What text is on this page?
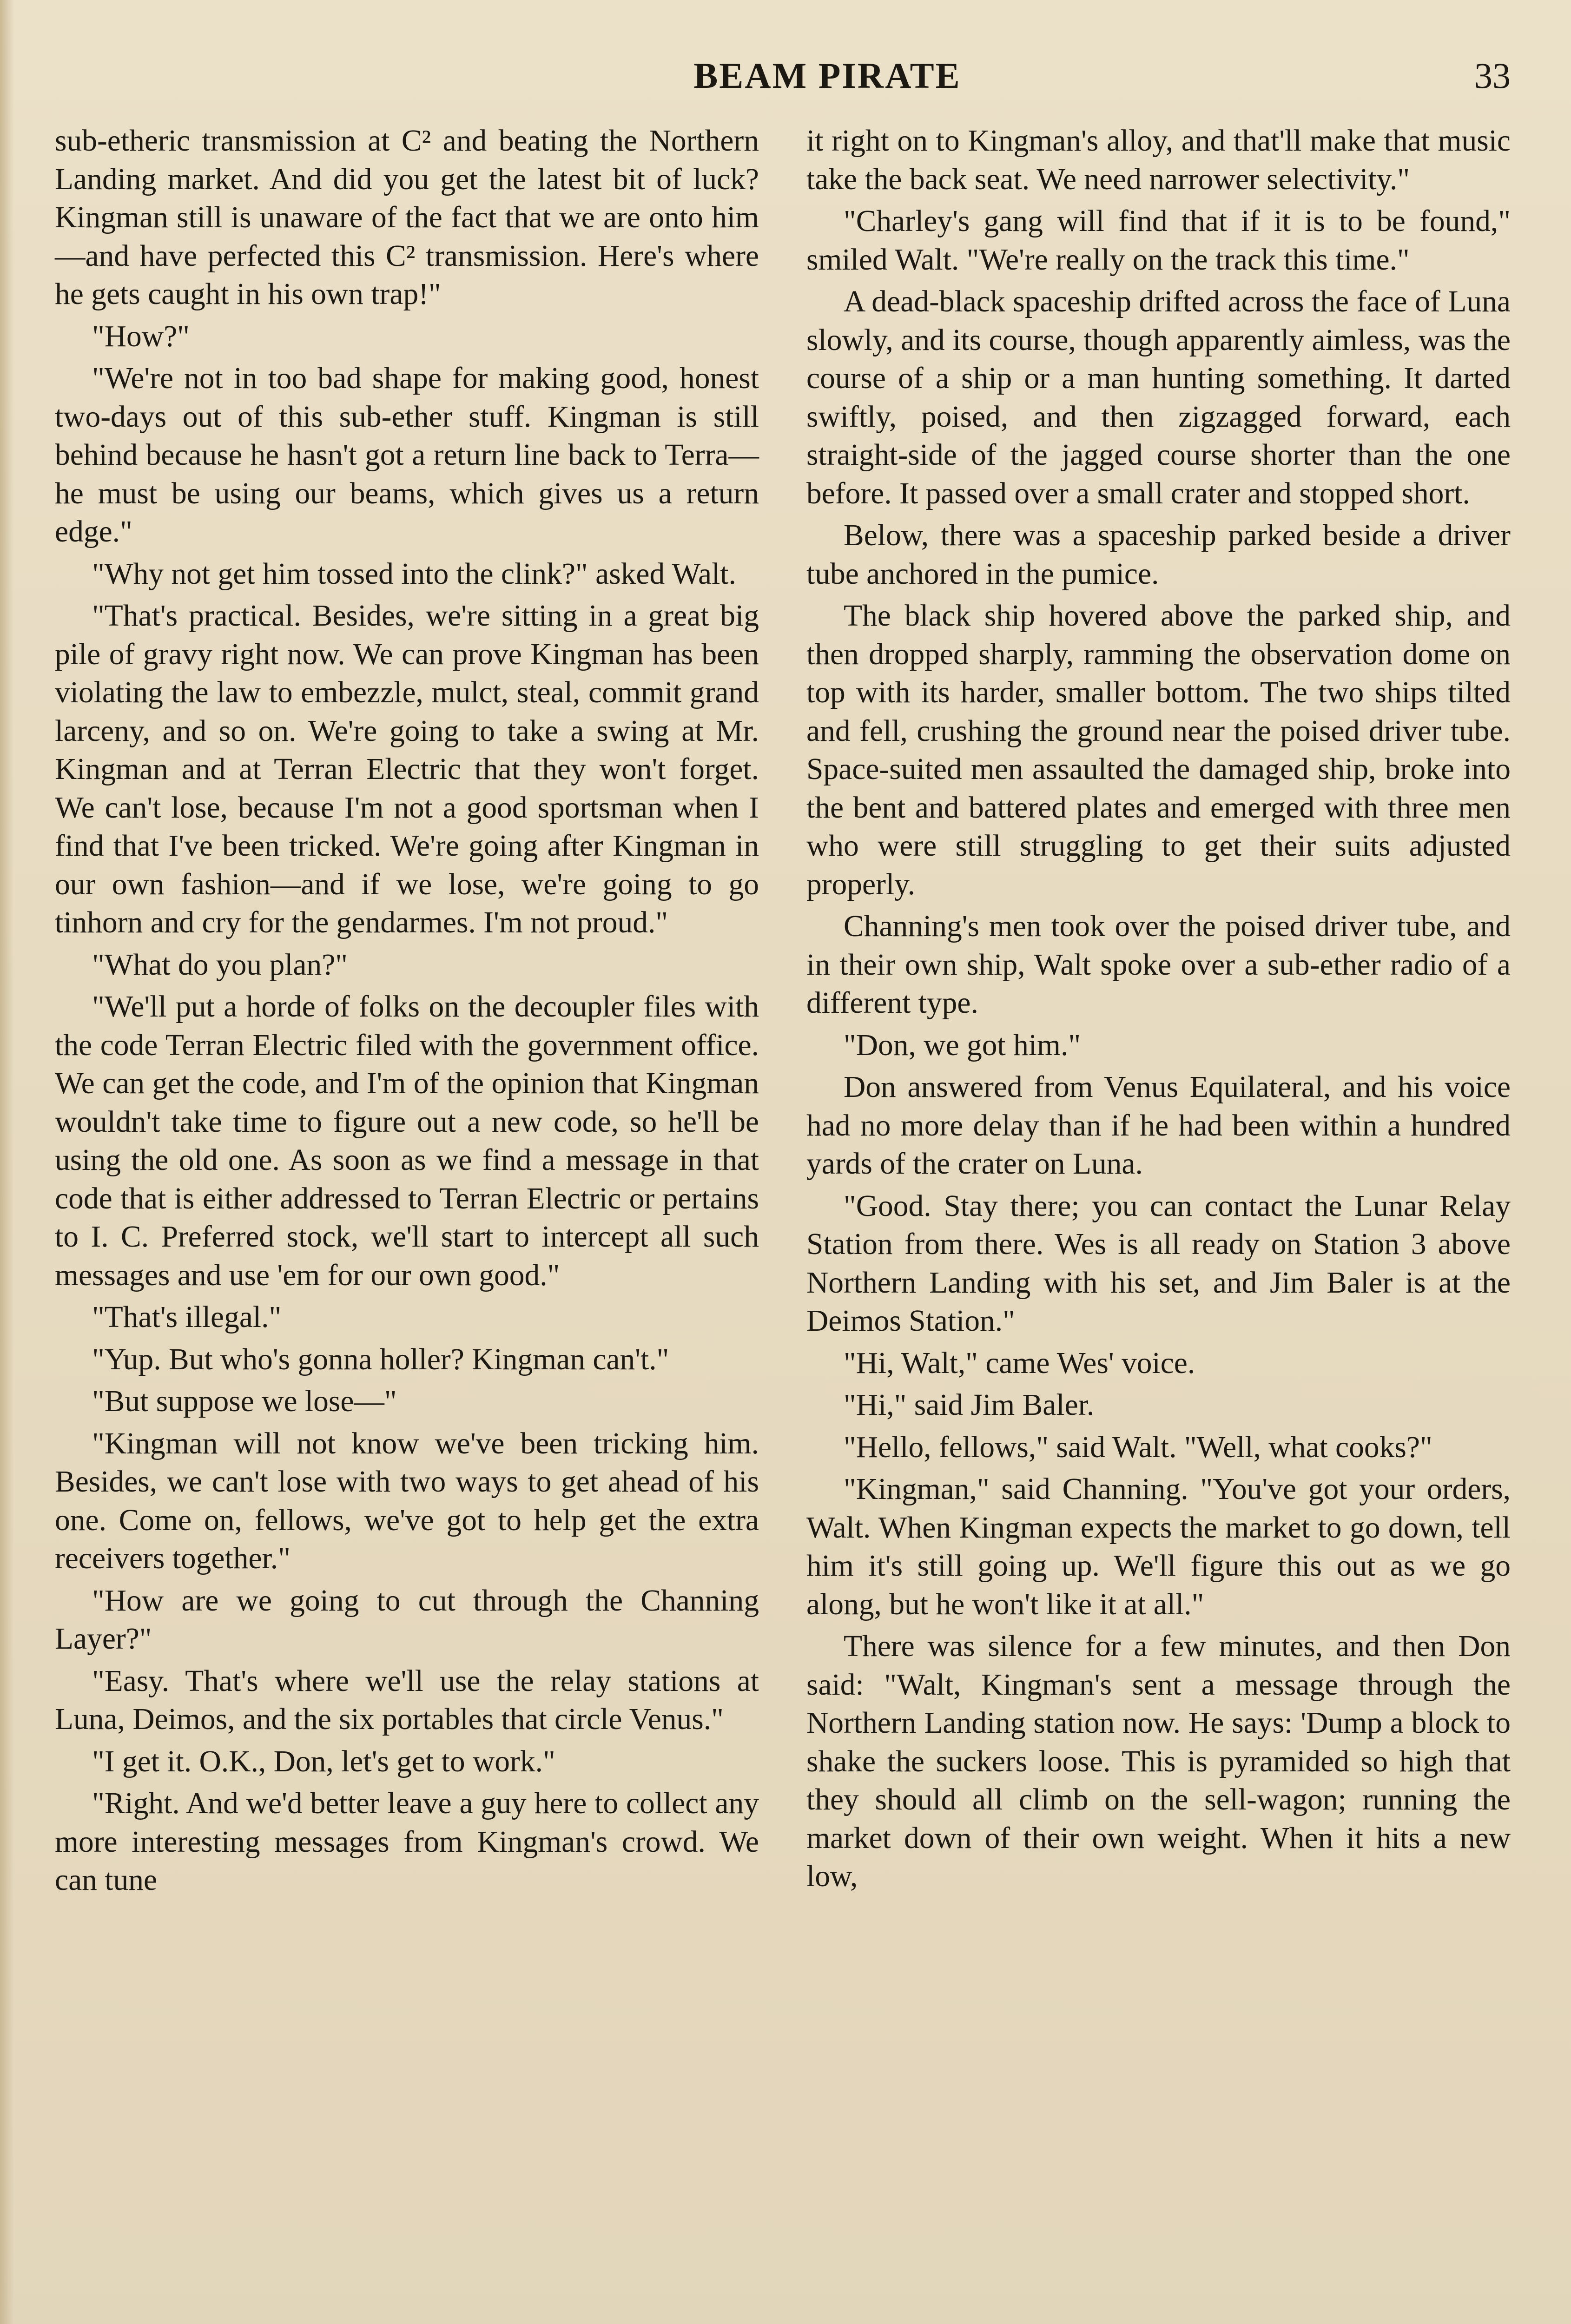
BEAM PIRATE	33

sub-etheric transmission at C² and beating the Northern Landing market. And did you get the latest bit of luck? Kingman still is unaware of the fact that we are onto him—and have perfected this C² transmission. Here's where he gets caught in his own trap!"

"How?"

"We're not in too bad shape for making good, honest two-days out of this sub-ether stuff. Kingman is still behind because he hasn't got a return line back to Terra—he must be using our beams, which gives us a return edge."

"Why not get him tossed into the clink?" asked Walt.

"That's practical. Besides, we're sitting in a great big pile of gravy right now. We can prove Kingman has been violating the law to embezzle, mulct, steal, commit grand larceny, and so on. We're going to take a swing at Mr. Kingman and at Terran Electric that they won't forget. We can't lose, because I'm not a good sportsman when I find that I've been tricked. We're going after Kingman in our own fashion—and if we lose, we're going to go tinhorn and cry for the gendarmes. I'm not proud."

"What do you plan?"

"We'll put a horde of folks on the decoupler files with the code Terran Electric filed with the government office. We can get the code, and I'm of the opinion that Kingman wouldn't take time to figure out a new code, so he'll be using the old one. As soon as we find a message in that code that is either addressed to Terran Electric or pertains to I. C. Preferred stock, we'll start to intercept all such messages and use 'em for our own good."

"That's illegal."

"Yup. But who's gonna holler? Kingman can't."

"But suppose we lose—"

"Kingman will not know we've been tricking him. Besides, we can't lose with two ways to get ahead of his one. Come on, fellows, we've got to help get the extra receivers together."

"How are we going to cut through the Channing Layer?"

"Easy. That's where we'll use the relay stations at Luna, Deimos, and the six portables that circle Venus."

"I get it. O.K., Don, let's get to work."

"Right. And we'd better leave a guy here to collect any more interesting messages from Kingman's crowd. We can tune

it right on to Kingman's alloy, and that'll make that music take the back seat. We need narrower selectivity."

"Charley's gang will find that if it is to be found," smiled Walt. "We're really on the track this time."

A dead-black spaceship drifted across the face of Luna slowly, and its course, though apparently aimless, was the course of a ship or a man hunting something. It darted swiftly, poised, and then zigzagged forward, each straight-side of the jagged course shorter than the one before. It passed over a small crater and stopped short.

Below, there was a spaceship parked beside a driver tube anchored in the pumice.

The black ship hovered above the parked ship, and then dropped sharply, ramming the observation dome on top with its harder, smaller bottom. The two ships tilted and fell, crushing the ground near the poised driver tube. Space-suited men assaulted the damaged ship, broke into the bent and battered plates and emerged with three men who were still struggling to get their suits adjusted properly.

Channing's men took over the poised driver tube, and in their own ship, Walt spoke over a sub-ether radio of a different type.

"Don, we got him."

Don answered from Venus Equilateral, and his voice had no more delay than if he had been within a hundred yards of the crater on Luna.

"Good. Stay there; you can contact the Lunar Relay Station from there. Wes is all ready on Station 3 above Northern Landing with his set, and Jim Baler is at the Deimos Station."

"Hi, Walt," came Wes' voice.

"Hi," said Jim Baler.

"Hello, fellows," said Walt. "Well, what cooks?"

"Kingman," said Channing. "You've got your orders, Walt. When Kingman expects the market to go down, tell him it's still going up. We'll figure this out as we go along, but he won't like it at all."

There was silence for a few minutes, and then Don said: "Walt, Kingman's sent a message through the Northern Landing station now. He says: 'Dump a block to shake the suckers loose. This is pyramided so high that they should all climb on the sell-wagon; running the market down of their own weight. When it hits a new low,
